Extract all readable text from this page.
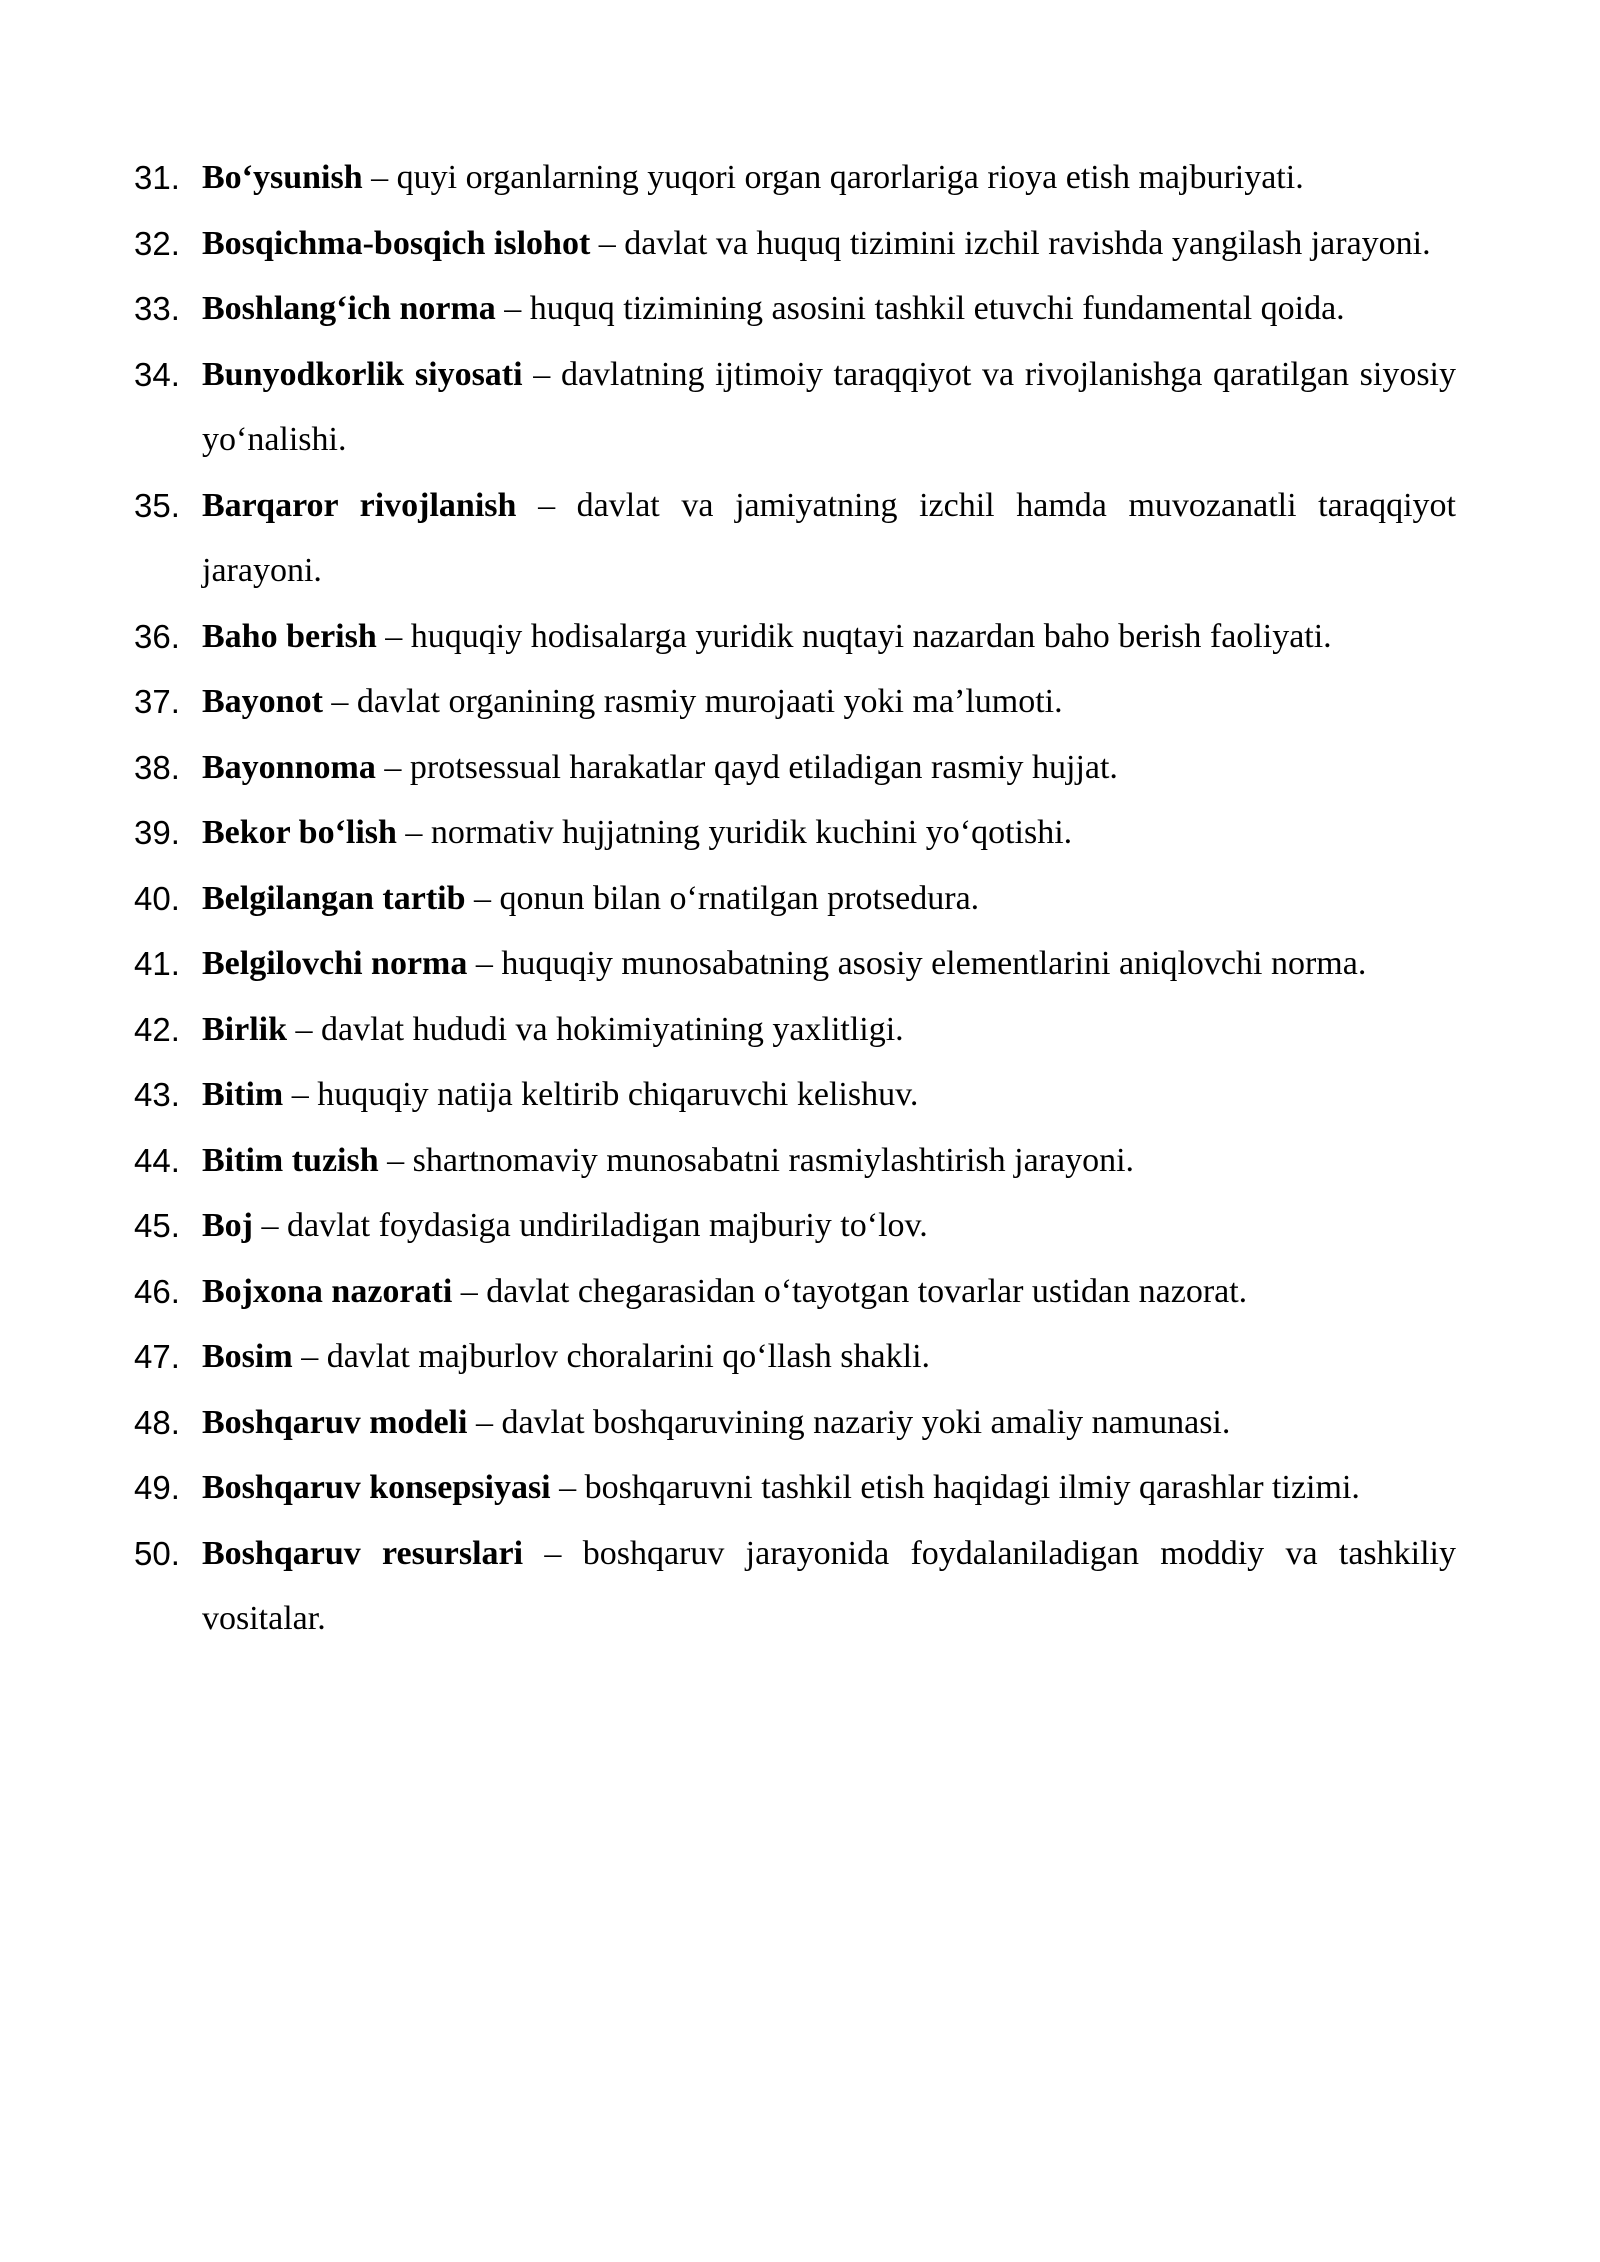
31. Bo‘ysunish – quyi organlarning yuqori organ qarorlariga rioya etish majburiyati.
32. Bosqichma-bosqich islohot – davlat va huquq tizimini izchil ravishda yangilash jarayoni.
33. Boshlang‘ich norma – huquq tizimining asosini tashkil etuvchi fundamental qoida.
34. Bunyodkorlik siyosati – davlatning ijtimoiy taraqqiyot va rivojlanishga qaratilgan siyosiy yo‘nalishi.
35. Barqaror rivojlanish – davlat va jamiyatning izchil hamda muvozanatli taraqqiyot jarayoni.
36. Baho berish – huquqiy hodisalarga yuridik nuqtayi nazardan baho berish faoliyati.
37. Bayonot – davlat organining rasmiy murojaati yoki ma’lumoti.
38. Bayonnoma – protsessual harakatlar qayd etiladigan rasmiy hujjat.
39. Bekor bo‘lish – normativ hujjatning yuridik kuchini yo‘qotishi.
40. Belgilangan tartib – qonun bilan o‘rnatilgan protsedura.
41. Belgilovchi norma – huquqiy munosabatning asosiy elementlarini aniqlovchi norma.
42. Birlik – davlat hududi va hokimiyatining yaxlitligi.
43. Bitim – huquqiy natija keltirib chiqaruvchi kelishuv.
44. Bitim tuzish – shartnomaviy munosabatni rasmiylashtirish jarayoni.
45. Boj – davlat foydasiga undiriladigan majburiy to‘lov.
46. Bojxona nazorati – davlat chegarasidan o‘tayotgan tovarlar ustidan nazorat.
47. Bosim – davlat majburlov choralarini qo‘llash shakli.
48. Boshqaruv modeli – davlat boshqaruvining nazariy yoki amaliy namunasi.
49. Boshqaruv konsepsiyasi – boshqaruvni tashkil etish haqidagi ilmiy qarashlar tizimi.
50. Boshqaruv resurslari – boshqaruv jarayonida foydalaniladigan moddiy va tashkiliy vositalar.
